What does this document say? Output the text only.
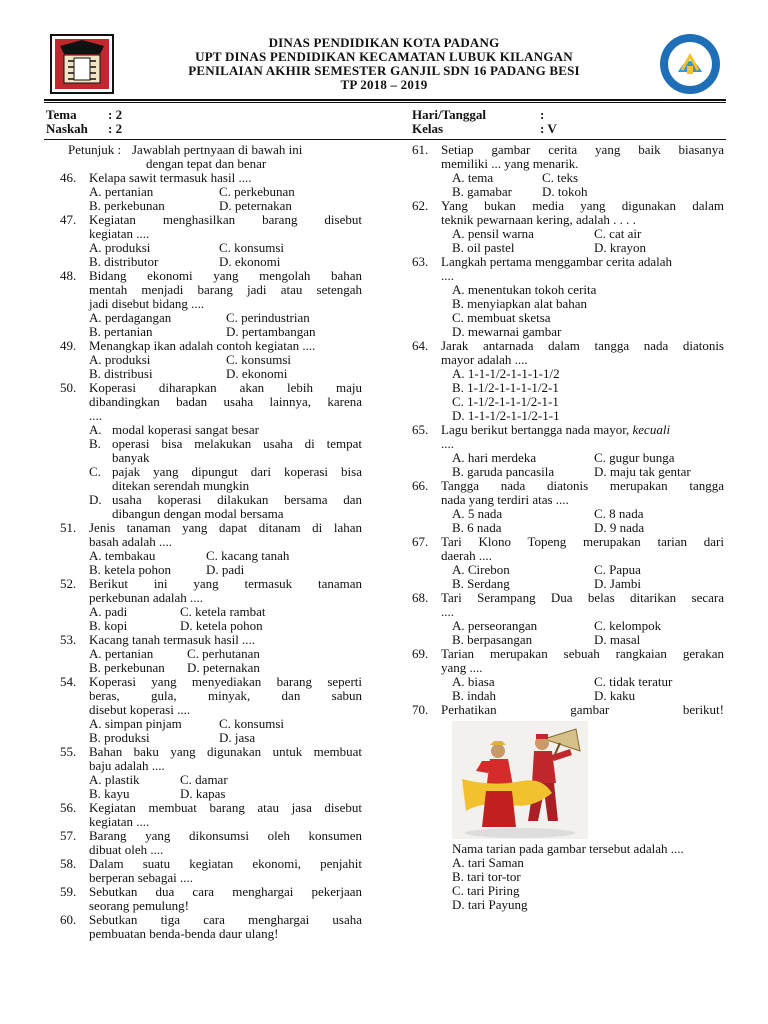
DINAS PENDIDIKAN KOTA PADANG
UPT DINAS PENDIDIKAN KECAMATAN LUBUK KILANGAN
PENILAIAN AKHIR SEMESTER GANJIL SDN 16 PADANG BESI
TP 2018 – 2019
Tema : 2
Naskah : 2
Hari/Tanggal	:
Kelas	: V
Petunjuk : Jawablah pertnyaan di bawah ini
dengan tepat dan benar
46. Kelapa sawit termasuk hasil ....
A. pertanian	C. perkebunan
B. perkebunan	D. peternakan
47. Kegiatan menghasilkan barang disebut
kegiatan ....
A. produksi	C. konsumsi
B. distributor	D. ekonomi
48. Bidang ekonomi yang mengolah bahan
mentah menjadi barang jadi atau setengah
jadi disebut bidang ....
A. perdagangan	C. perindustrian
B. pertanian	D. pertambangan
49. Menangkap ikan adalah contoh kegiatan ....
A. produksi	C. konsumsi
B. distribusi	D. ekonomi
50. Koperasi diharapkan akan lebih maju
dibandingkan badan usaha lainnya, karena
....
A. modal koperasi sangat besar
B. operasi bisa melakukan usaha di tempat
banyak
C. pajak yang dipungut dari koperasi bisa
ditekan serendah mungkin
D. usaha koperasi dilakukan bersama dan
dibangun dengan modal bersama
51. Jenis tanaman yang dapat ditanam di lahan
basah adalah ....
A. tembakau	C. kacang tanah
B. ketela pohon	D. padi
52. Berikut ini yang termasuk tanaman
perkebunan adalah ....
A. padi	C. ketela rambat
B. kopi	D. ketela pohon
53. Kacang tanah termasuk hasil ....
A. pertanian	C. perhutanan
B. perkebunan D. peternakan
54. Koperasi yang menyediakan barang seperti
beras, gula, minyak, dan sabun
disebut koperasi ....
A. simpan pinjam	C. konsumsi
B. produksi	D. jasa
55. Bahan baku yang digunakan untuk membuat
baju adalah ....
A. plastik	C. damar
B. kayu	D. kapas
56. Kegiatan membuat barang atau jasa disebut
kegiatan ....
57. Barang yang dikonsumsi oleh konsumen
dibuat oleh ....
58. Dalam suatu kegiatan ekonomi, penjahit
berperan sebagai ....
59. Sebutkan dua cara menghargai pekerjaan
seorang pemulung!
60. Sebutkan tiga cara menghargai usaha
pembuatan benda-benda daur ulang!
61. Setiap gambar cerita yang baik biasanya
memiliki ... yang menarik.
A. tema	C. teks
B. gamabar D. tokoh
62. Yang bukan media yang digunakan dalam
teknik pewarnaan kering, adalah . . . .
A. pensil warna	C. cat air
B. oil pastel	D. krayon
63. Langkah pertama menggambar cerita adalah
....
A. menentukan tokoh cerita
B. menyiapkan alat bahan
C. membuat sketsa
D. mewarnai gambar
64. Jarak antarnada dalam tangga nada diatonis
mayor adalah ....
A. 1-1-1/2-1-1-1-1/2
B. 1-1/2-1-1-1-1/2-1
C. 1-1/2-1-1-1/2-1-1
D. 1-1-1/2-1-1/2-1-1
65. Lagu berikut bertangga nada mayor, kecuali
....
A. hari merdeka	C. gugur bunga
B. garuda pancasila	D. maju tak gentar
66. Tangga nada diatonis merupakan tangga
nada yang terdiri atas ....
A. 5 nada	C. 8 nada
B. 6 nada	D. 9 nada
67. Tari Klono Topeng merupakan tarian dari
daerah ....
A. Cirebon	C. Papua
B. Serdang	D. Jambi
68. Tari Serampang Dua belas ditarikan secara
....
A. perseorangan	C. kelompok
B. berpasangan	D. masal
69. Tarian merupakan sebuah rangkaian gerakan
yang ....
A. biasa	C. tidak teratur
B. indah	D. kaku
70. Perhatikan gambar berikut!
Nama tarian pada gambar tersebut adalah ....
A. tari Saman
B. tari tor-tor
C. tari Piring
D. tari Payung
